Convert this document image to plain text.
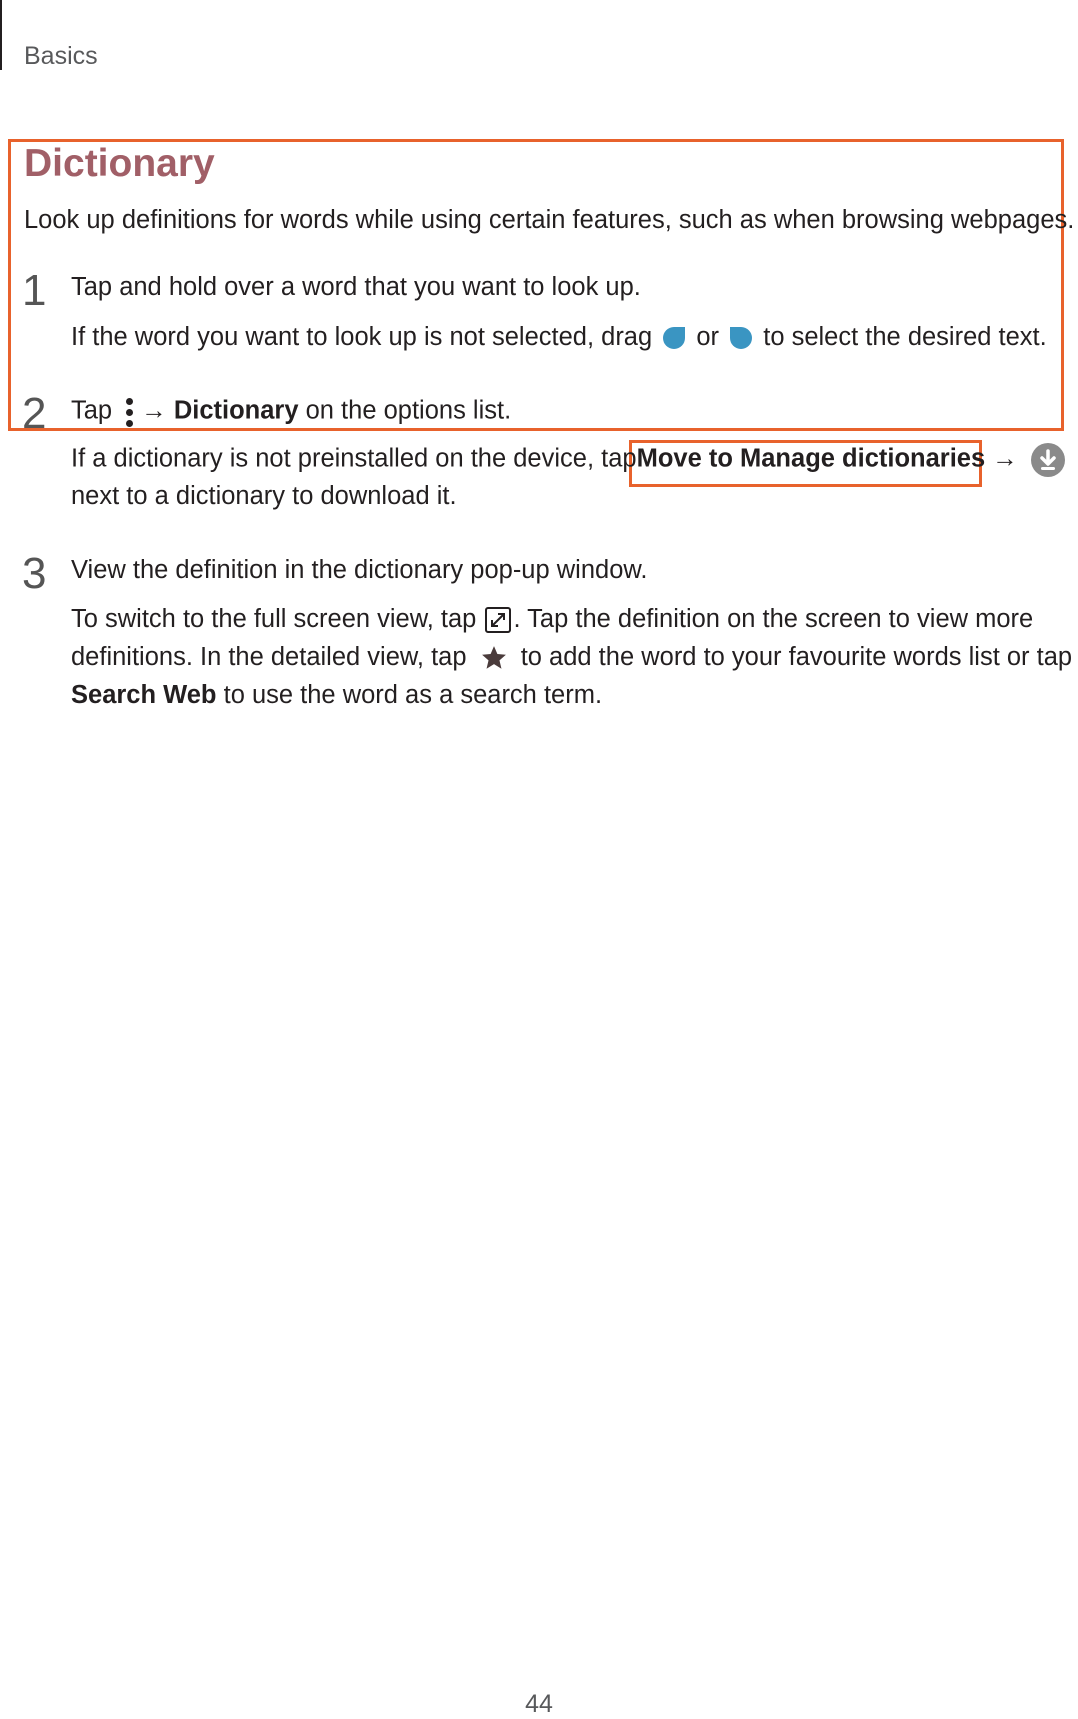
Basics
Dictionary
Look up definitions for words while using certain features, such as when browsing webpages.
1 Tap and hold over a word that you want to look up.
If the word you want to look up is not selected, drag or to select the desired text.
2 Tap → Dictionary on the options list.
If a dictionary is not preinstalled on the device, tapMove to Manage dictionaries →
next to a dictionary to download it.
3 View the definition in the dictionary pop-up window.
To switch to the full screen view, tap . Tap the definition on the screen to view more
definitions. In the detailed view, tap to add the word to your favourite words list or tap
Search Web to use the word as a search term.
44
